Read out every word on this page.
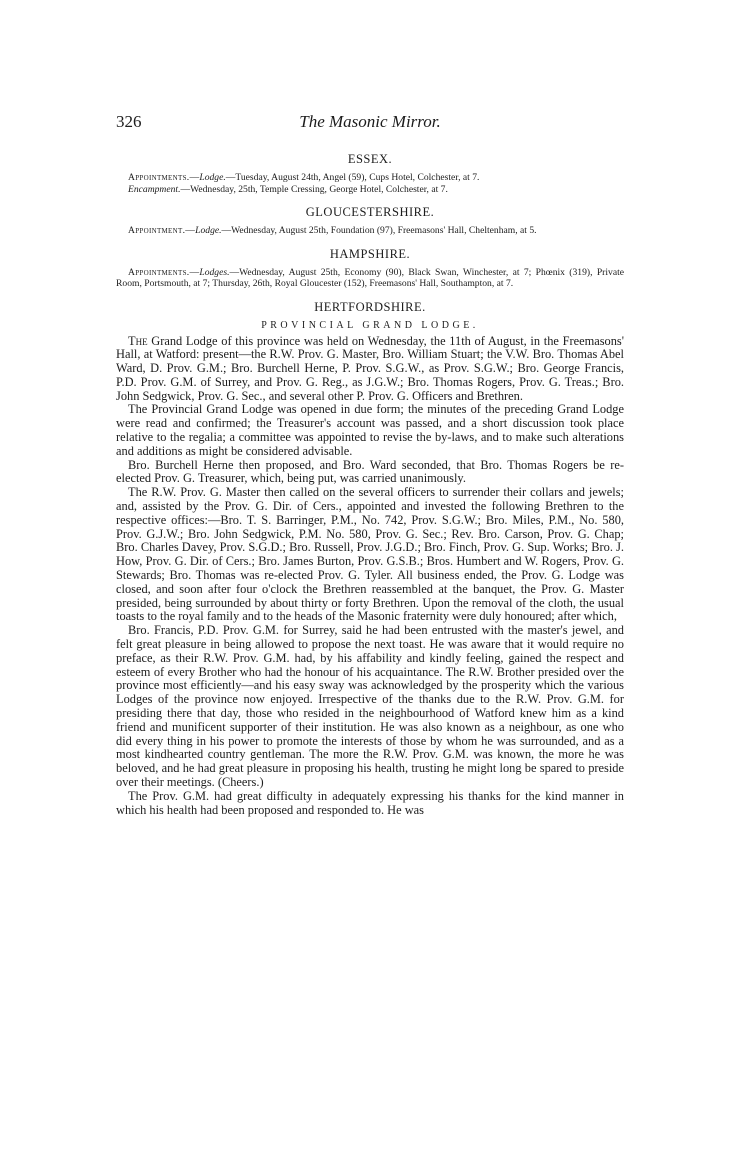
326	The Masonic Mirror.
ESSEX.

Appointments.—Lodge.—Tuesday, August 24th, Angel (59), Cups Hotel, Colchester, at 7.

Encampment.—Wednesday, 25th, Temple Cressing, George Hotel, Colchester, at 7.

GLOUCESTERSHIRE.

Appointment.—Lodge.—Wednesday, August 25th, Foundation (97), Freemasons' Hall, Cheltenham, at 5.

HAMPSHIRE.

Appointments.—Lodges.—Wednesday, August 25th, Economy (90), Black Swan, Winchester, at 7; Phœnix (319), Private Room, Portsmouth, at 7; Thursday, 26th, Royal Gloucester (152), Freemasons' Hall, Southampton, at 7.

HERTFORDSHIRE.
PROVINCIAL GRAND LODGE.

The Grand Lodge of this province was held on Wednesday, the 11th of August, in the Freemasons' Hall, at Watford: present—the R.W. Prov. G. Master, Bro. William Stuart; the V.W. Bro. Thomas Abel Ward, D. Prov. G.M.; Bro. Burchell Herne, P. Prov. S.G.W., as Prov. S.G.W.; Bro. George Francis, P.D. Prov. G.M. of Surrey, and Prov. G. Reg., as J.G.W.; Bro. Thomas Rogers, Prov. G. Treas.; Bro. John Sedgwick, Prov. G. Sec., and several other P. Prov. G. Officers and Brethren.

The Provincial Grand Lodge was opened in due form; the minutes of the preceding Grand Lodge were read and confirmed; the Treasurer's account was passed, and a short discussion took place relative to the regalia; a committee was appointed to revise the by-laws, and to make such alterations and additions as might be considered advisable.

Bro. Burchell Herne then proposed, and Bro. Ward seconded, that Bro. Thomas Rogers be re-elected Prov. G. Treasurer, which, being put, was carried unanimously.

The R.W. Prov. G. Master then called on the several officers to surrender their collars and jewels; and, assisted by the Prov. G. Dir. of Cers., appointed and invested the following Brethren to the respective offices:—Bro. T. S. Barringer, P.M., No. 742, Prov. S.G.W.; Bro. Miles, P.M., No. 580, Prov. G.J.W.; Bro. John Sedgwick, P.M. No. 580, Prov. G. Sec.; Rev. Bro. Carson, Prov. G. Chap; Bro. Charles Davey, Prov. S.G.D.; Bro. Russell, Prov. J.G.D.; Bro. Finch, Prov. G. Sup. Works; Bro. J. How, Prov. G. Dir. of Cers.; Bro. James Burton, Prov. G.S.B.; Bros. Humbert and W. Rogers, Prov. G. Stewards; Bro. Thomas was re-elected Prov. G. Tyler. All business ended, the Prov. G. Lodge was closed, and soon after four o'clock the Brethren reassembled at the banquet, the Prov. G. Master presided, being surrounded by about thirty or forty Brethren. Upon the removal of the cloth, the usual toasts to the royal family and to the heads of the Masonic fraternity were duly honoured; after which,

Bro. Francis, P.D. Prov. G.M. for Surrey, said he had been entrusted with the master's jewel, and felt great pleasure in being allowed to propose the next toast. He was aware that it would require no preface, as their R.W. Prov. G.M. had, by his affability and kindly feeling, gained the respect and esteem of every Brother who had the honour of his acquaintance. The R.W. Brother presided over the province most efficiently—and his easy sway was acknowledged by the prosperity which the various Lodges of the province now enjoyed. Irrespective of the thanks due to the R.W. Prov. G.M. for presiding there that day, those who resided in the neighbourhood of Watford knew him as a kind friend and munificent supporter of their institution. He was also known as a neighbour, as one who did every thing in his power to promote the interests of those by whom he was surrounded, and as a most kindhearted country gentleman. The more the R.W. Prov. G.M. was known, the more he was beloved, and he had great pleasure in proposing his health, trusting he might long be spared to preside over their meetings. (Cheers.)

The Prov. G.M. had great difficulty in adequately expressing his thanks for the kind manner in which his health had been proposed and responded to. He was
